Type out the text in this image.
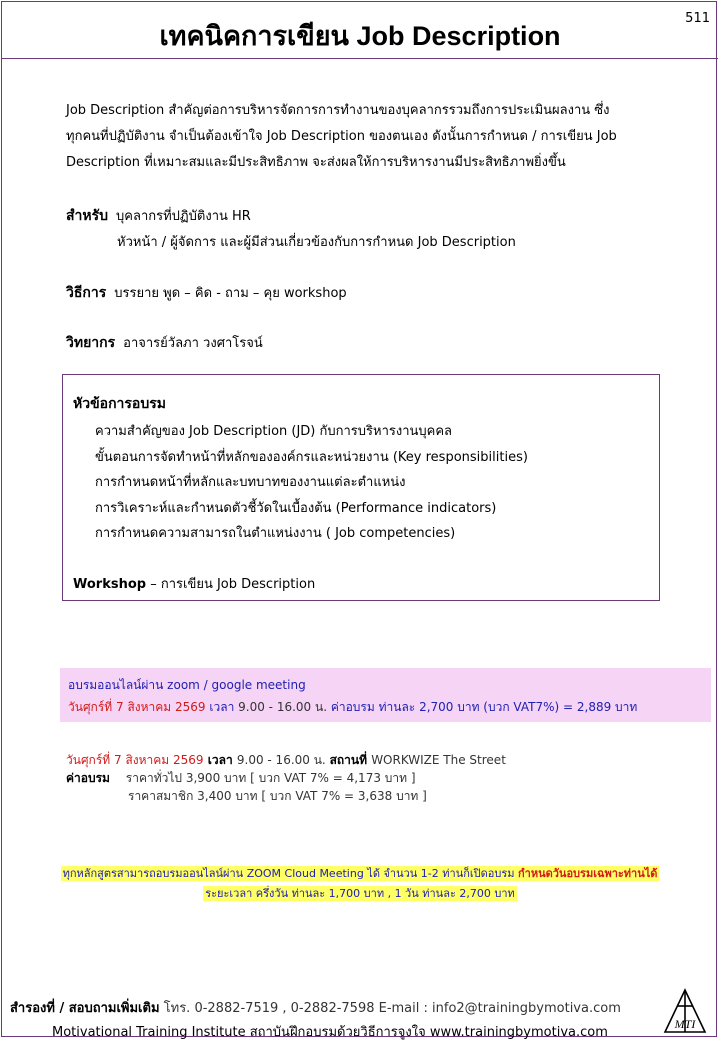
511
เทคนิคการเขียน Job Description
Job Description สำคัญต่อการบริหารจัดการการทำงานของบุคลากรรวมถึงการประเมินผลงาน ซึ่ง
ทุกคนที่ปฏิบัติงาน จำเป็นต้องเข้าใจ Job Description ของตนเอง ดังนั้นการกำหนด / การเขียน Job
Description ที่เหมาะสมและมีประสิทธิภาพ จะส่งผลให้การบริหารงานมีประสิทธิภาพยิ่งขึ้น
สำหรับ บุคลากรที่ปฏิบัติงาน HR
หัวหน้า / ผู้จัดการ และผู้มีส่วนเกี่ยวข้องกับการกำหนด Job Description
วิธีการ บรรยาย พูด – คิด - ถาม – คุย workshop
วิทยากร อาจารย์วัลภา วงศาโรจน์
หัวข้อการอบรม
ความสำคัญของ Job Description (JD) กับการบริหารงานบุคคล
ขั้นตอนการจัดทำหน้าที่หลักขององค์กรและหน่วยงาน (Key responsibilities)
การกำหนดหน้าที่หลักและบทบาทของงานแต่ละตำแหน่ง
การวิเคราะห์และกำหนดตัวชี้วัดในเบื้องต้น (Performance indicators)
การกำหนดความสามารถในตำแหน่งงาน ( Job competencies)
Workshop – การเขียน Job Description
อบรมออนไลน์ผ่าน zoom / google meeting
วันศุกร์ที่ 7 สิงหาคม 2569 เวลา 9.00 - 16.00 น. ค่าอบรม ท่านละ 2,700 บาท (บวก VAT7%) = 2,889 บาท
วันศุกร์ที่ 7 สิงหาคม 2569 เวลา 9.00 - 16.00 น. สถานที่ WORKWIZE The Street
ค่าอบรม ราคาทั่วไป 3,900 บาท [ บวก VAT 7% = 4,173 บาท ]
ราคาสมาชิก 3,400 บาท [ บวก VAT 7% = 3,638 บาท ]
ทุกหลักสูตรสามารถอบรมออนไลน์ผ่าน ZOOM Cloud Meeting ได้ จำนวน 1-2 ท่านก็เปิดอบรม กำหนดวันอบรมเฉพาะท่านได้
ระยะเวลา ครึ่งวัน ท่านละ 1,700 บาท , 1 วัน ท่านละ 2,700 บาท
สำรองที่ / สอบถามเพิ่มเติม โทร. 0-2882-7519 , 0-2882-7598 E-mail : info2@trainingbymotiva.com
Motivational Training Institute สถาบันฝึกอบรมด้วยวิธีการจูงใจ www.trainingbymotiva.com
MTI
